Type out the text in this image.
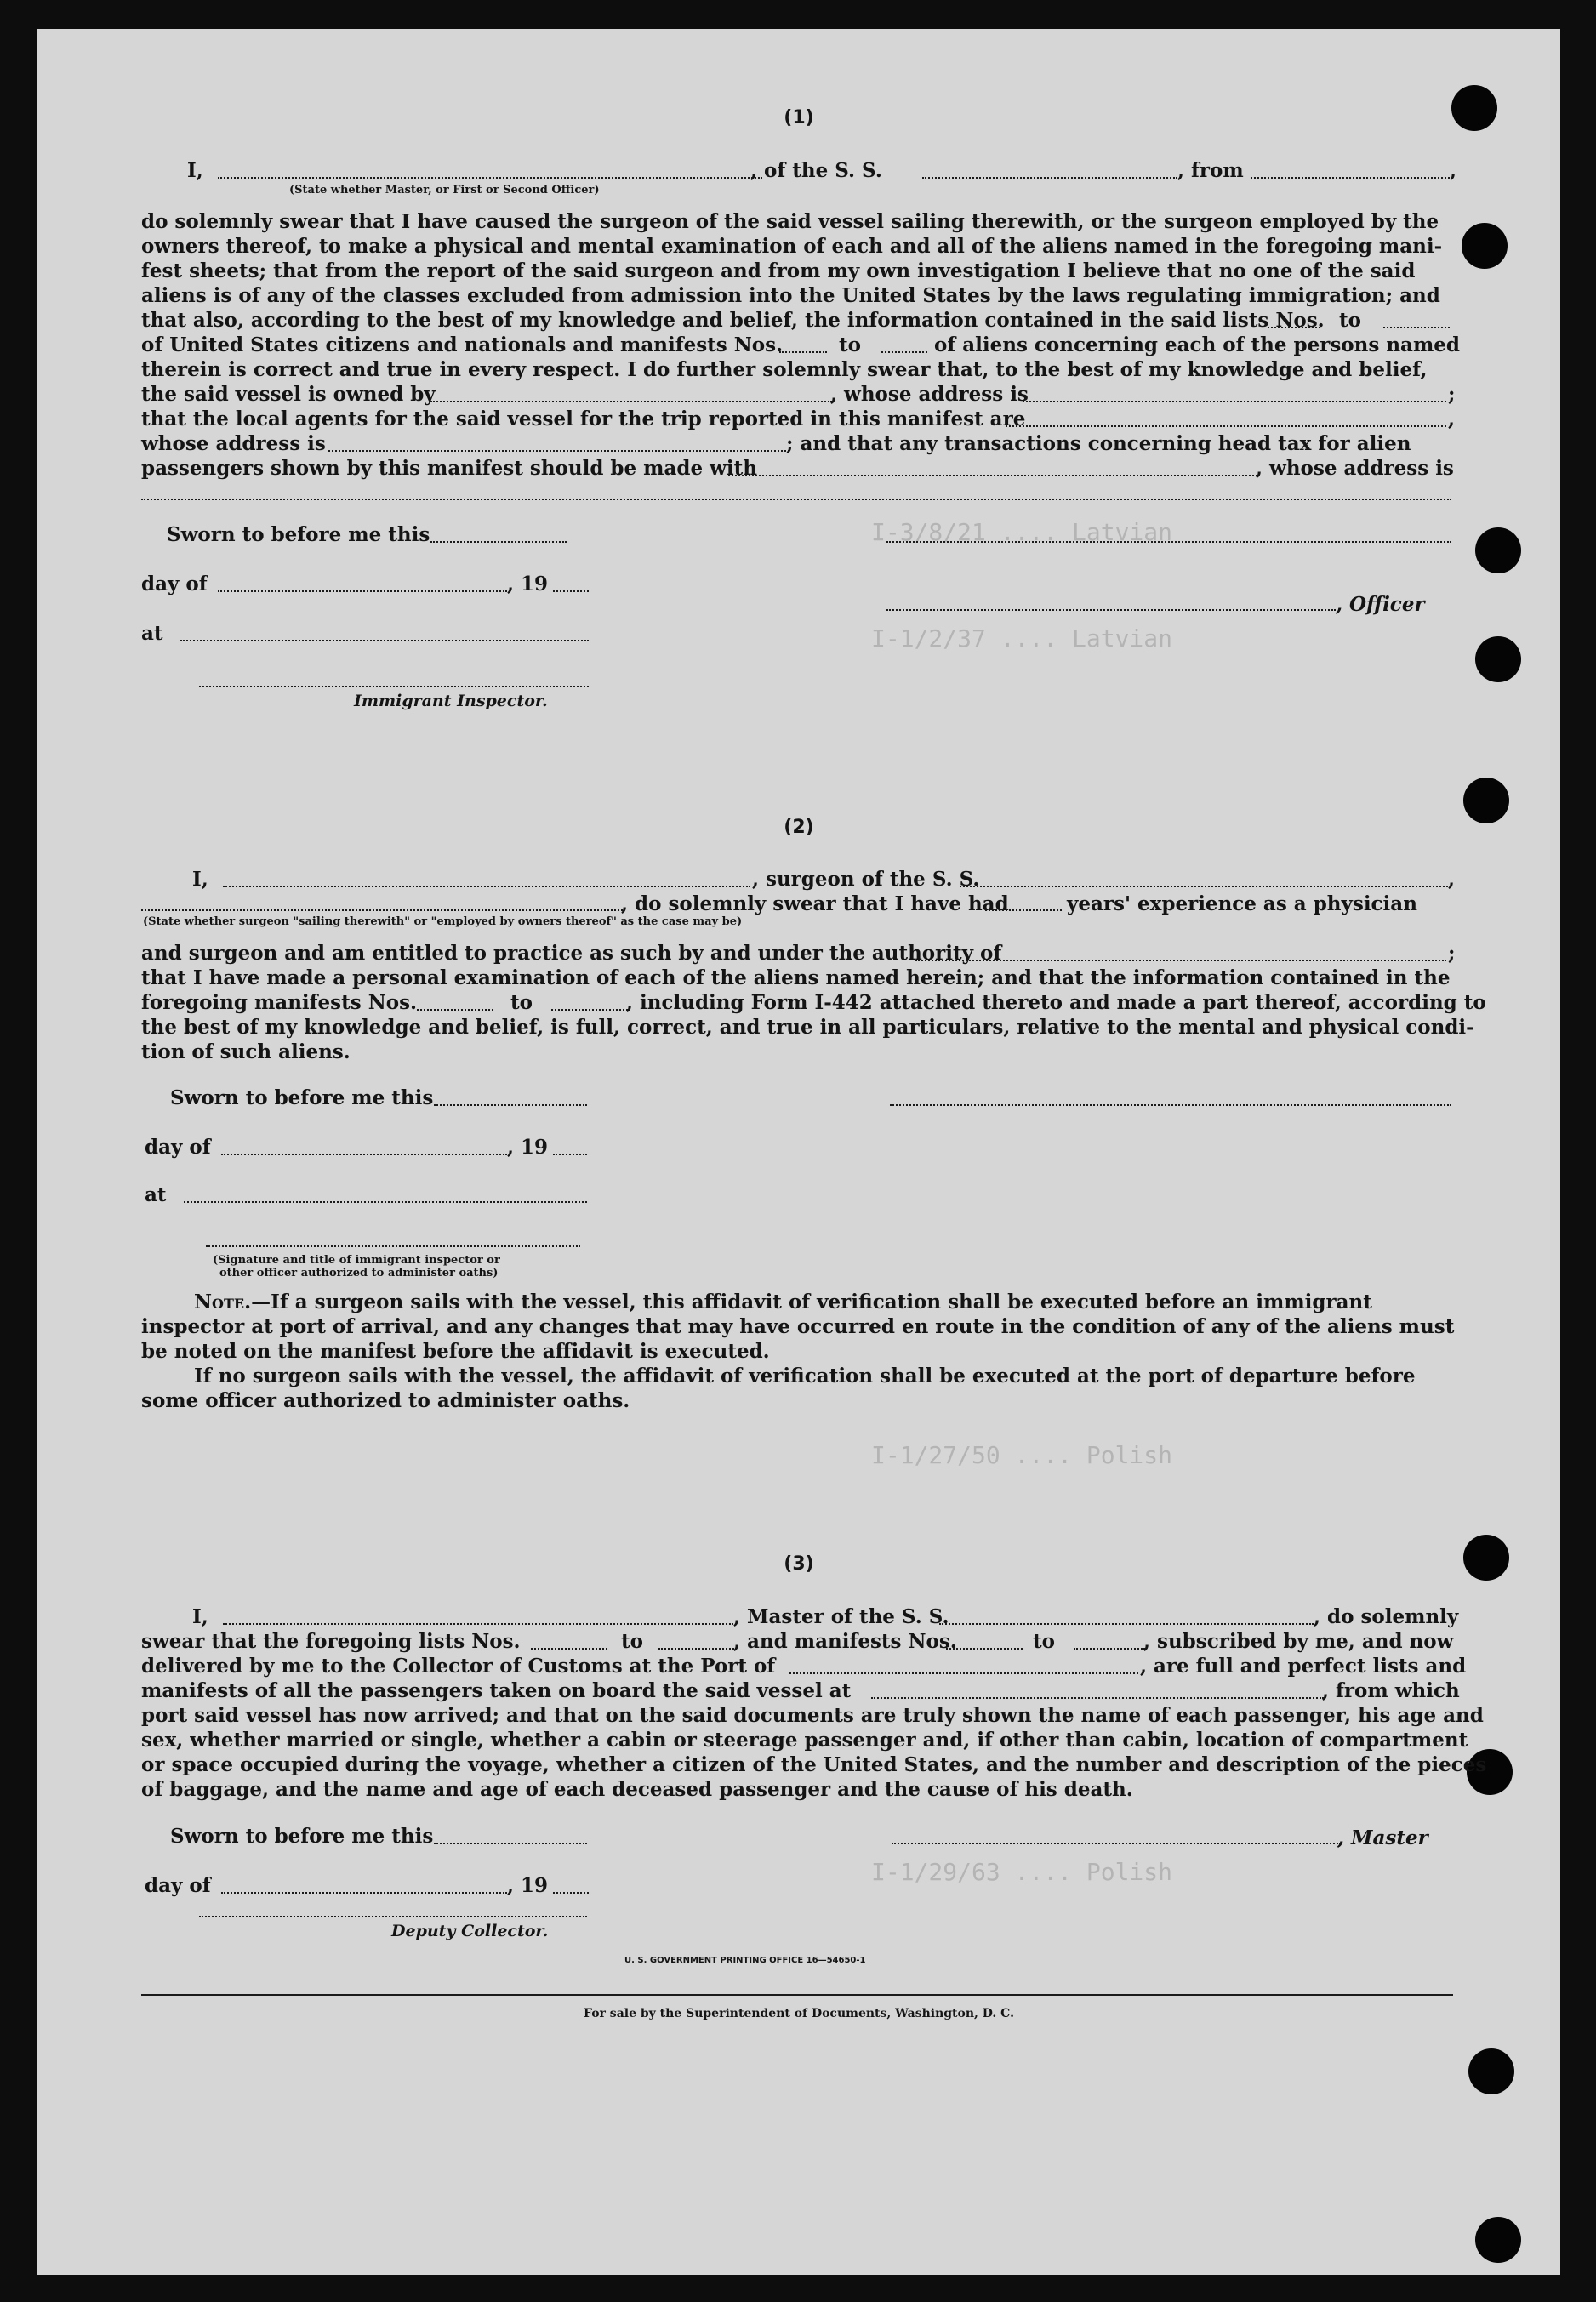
I-3/8/21 .... Latvian
I-1/2/37 .... Latvian
I-1/27/50 .... Polish
I-1/29/63 .... Polish
(1)
I,	, of the S. S.	, from	,
(State whether Master, or First or Second Officer)
do solemnly swear that I have caused the surgeon of the said vessel sailing therewith, or the surgeon employed by the
owners thereof, to make a physical and mental examination of each and all of the aliens named in the foregoing mani-
fest sheets; that from the report of the said surgeon and from my own investigation I believe that no one of the said
aliens is of any of the classes excluded from admission into the United States by the laws regulating immigration; and
that also, according to the best of my knowledge and belief, the information contained in the said lists Nos. to
of United States citizens and nationals and manifests Nos.	to	of aliens concerning each of the persons named
therein is correct and true in every respect. I do further solemnly swear that, to the best of my knowledge and belief,
the said vessel is owned by	, whose address is	;
that the local agents for the said vessel for the trip reported in this manifest are	,
whose address is	; and that any transactions concerning head tax for alien
passengers shown by this manifest should be made with	, whose address is
Sworn to before me this
day of	, 19
, Officer
at
Immigrant Inspector.
(2)
I,	, surgeon of the S. S.	,
, do solemnly swear that I have had	years' experience as a physician
(State whether surgeon "sailing therewith" or "employed by owners thereof" as the case may be)
and surgeon and am entitled to practice as such by and under the authority of	;
that I have made a personal examination of each of the aliens named herein; and that the information contained in the
foregoing manifests Nos.	to	, including Form I-442 attached thereto and made a part thereof, according to
the best of my knowledge and belief, is full, correct, and true in all particulars, relative to the mental and physical condi-
tion of such aliens.
Sworn to before me this
day of	, 19
at
(Signature and title of immigrant inspector or
other officer authorized to administer oaths)
Note.—If a surgeon sails with the vessel, this affidavit of verification shall be executed before an immigrant
inspector at port of arrival, and any changes that may have occurred en route in the condition of any of the aliens must
be noted on the manifest before the affidavit is executed.
If no surgeon sails with the vessel, the affidavit of verification shall be executed at the port of departure before
some officer authorized to administer oaths.
(3)
I,	, Master of the S. S.	, do solemnly
swear that the foregoing lists Nos.	to	, and manifests Nos.	to	, subscribed by me, and now
delivered by me to the Collector of Customs at the Port of	, are full and perfect lists and
manifests of all the passengers taken on board the said vessel at	, from which
port said vessel has now arrived; and that on the said documents are truly shown the name of each passenger, his age and
sex, whether married or single, whether a cabin or steerage passenger and, if other than cabin, location of compartment
or space occupied during the voyage, whether a citizen of the United States, and the number and description of the pieces
of baggage, and the name and age of each deceased passenger and the cause of his death.
Sworn to before me this	, Master
day of	, 19
Deputy Collector.
U. S. GOVERNMENT PRINTING OFFICE 16—54650-1
For sale by the Superintendent of Documents, Washington, D. C.
